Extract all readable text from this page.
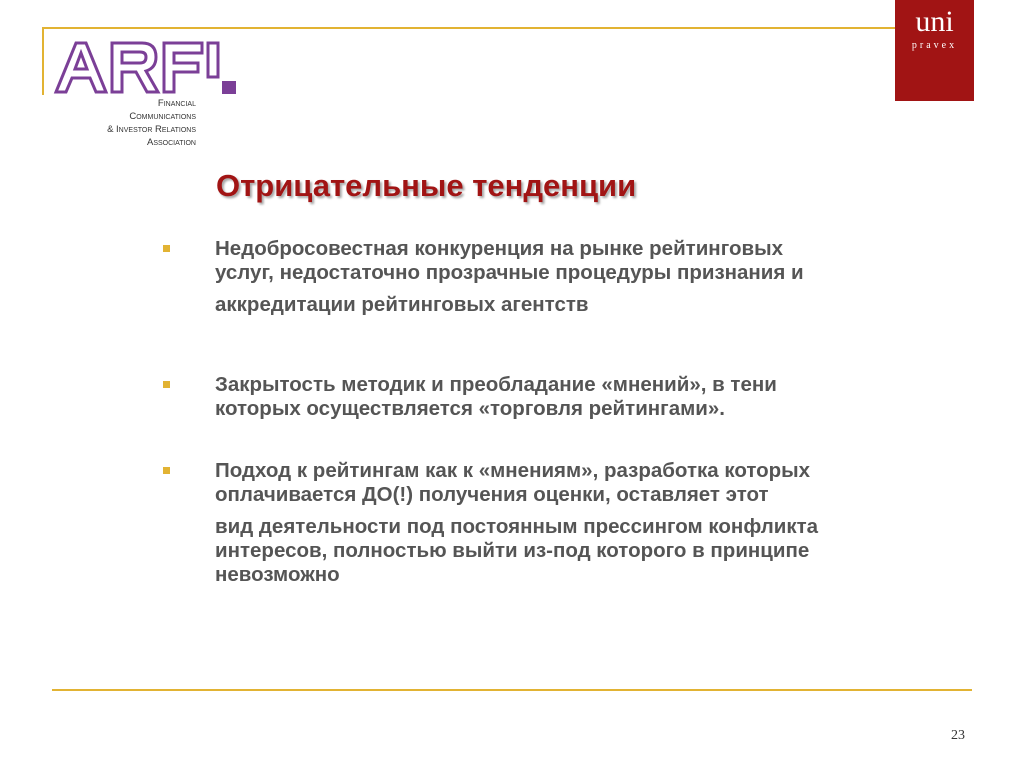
Financial
Communications
& Investor Relations
Association
uni
pravex
Отрицательные тенденции
Недобросовестная конкуренция на рынке рейтинговых
услуг, недостаточно прозрачные процедуры признания и
аккредитации рейтинговых агентств
Закрытость методик и преобладание «мнений», в тени
которых осуществляется «торговля рейтингами».
Подход к рейтингам как к «мнениям», разработка которых
оплачивается ДО(!) получения оценки, оставляет этот
вид деятельности под постоянным прессингом конфликта
интересов, полностью выйти из-под которого в принципе
невозможно
23
